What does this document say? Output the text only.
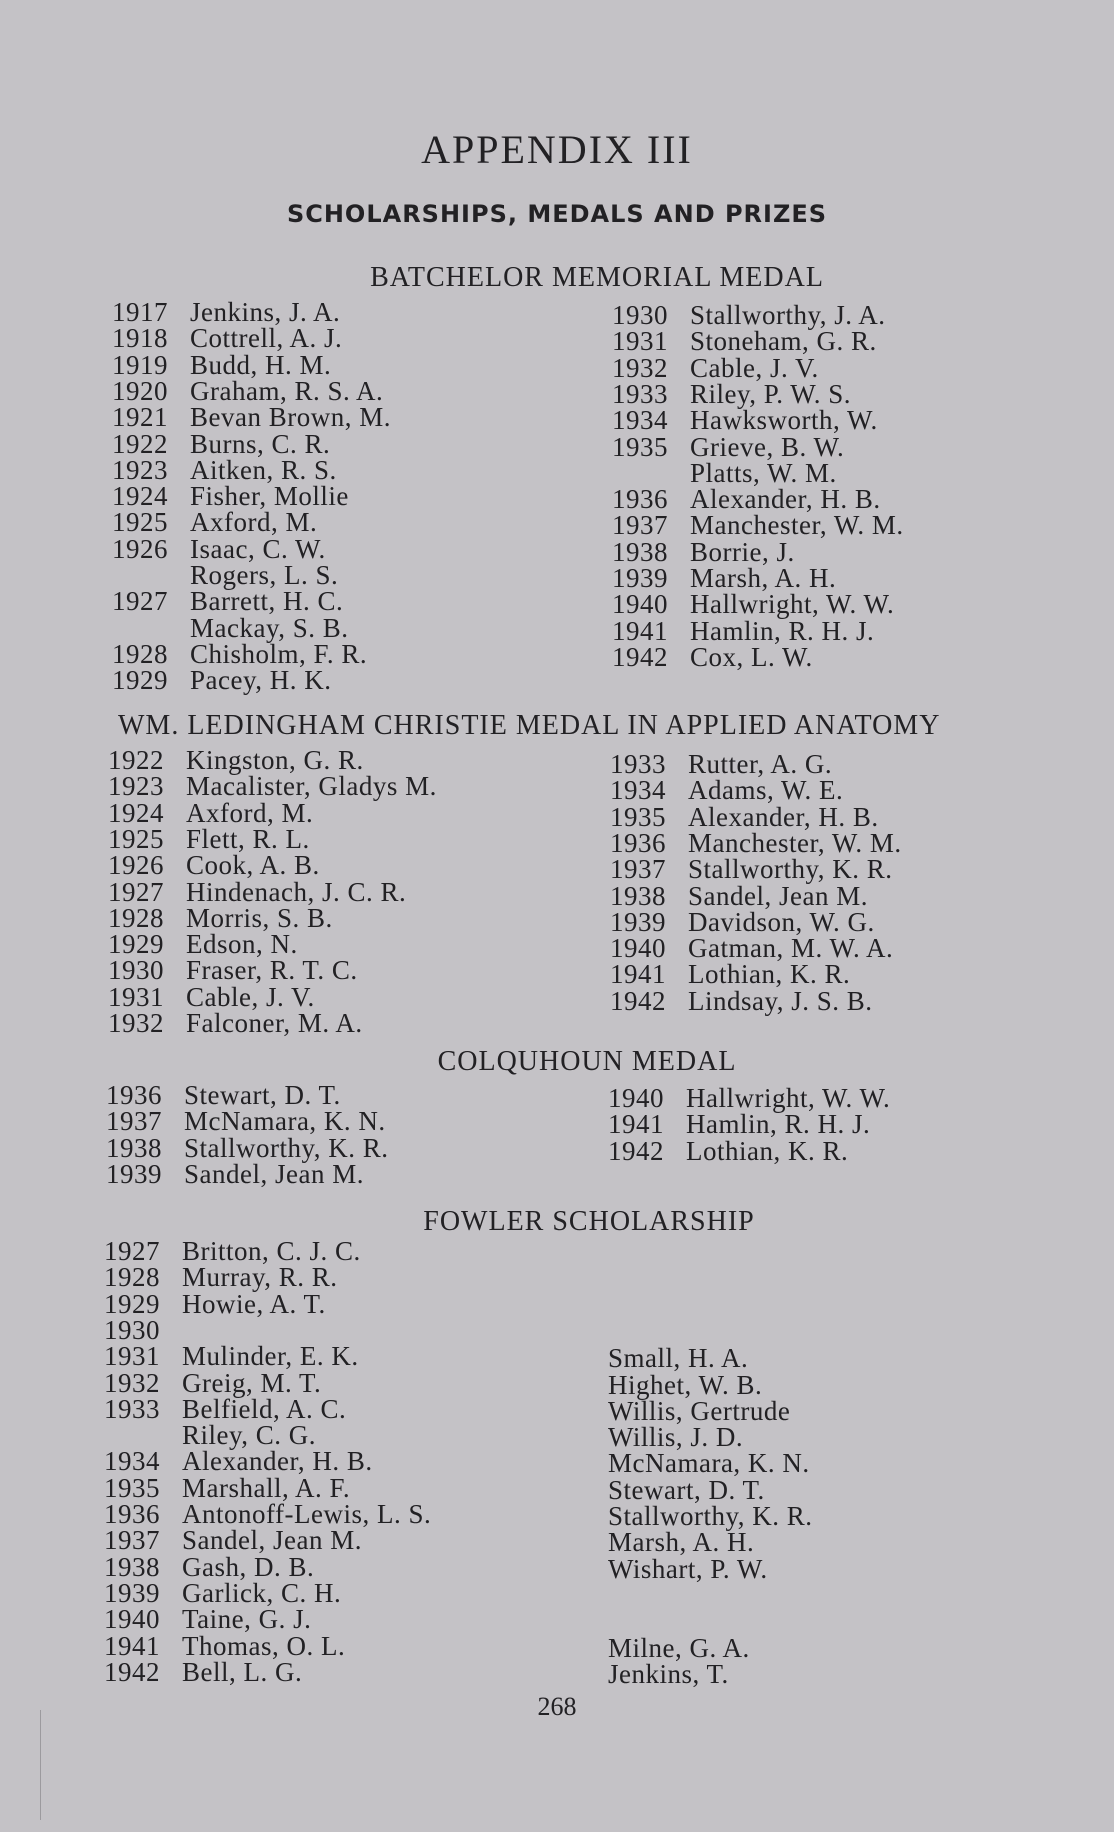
APPENDIX III
SCHOLARSHIPS, MEDALS AND PRIZES
BATCHELOR MEMORIAL MEDAL
WM. LEDINGHAM CHRISTIE MEDAL IN APPLIED ANATOMY
COLQUHOUN MEDAL
FOWLER SCHOLARSHIP
1917 Jenkins, J. A.
1918 Cottrell, A. J.
1919 Budd, H. M.
1920 Graham, R. S. A.
1921 Bevan Brown, M.
1922 Burns, C. R.
1923 Aitken, R. S.
1924 Fisher, Mollie
1925 Axford, M.
1926 Isaac, C. W.
Rogers, L. S.
1927 Barrett, H. C.
Mackay, S. B.
1928 Chisholm, F. R.
1929 Pacey, H. K.
1930 Stallworthy, J. A.
1931 Stoneham, G. R.
1932 Cable, J. V.
1933 Riley, P. W. S.
1934 Hawksworth, W.
1935 Grieve, B. W.
Platts, W. M.
1936 Alexander, H. B.
1937 Manchester, W. M.
1938 Borrie, J.
1939 Marsh, A. H.
1940 Hallwright, W. W.
1941 Hamlin, R. H. J.
1942 Cox, L. W.
1922 Kingston, G. R.
1923 Macalister, Gladys M.
1924 Axford, M.
1925 Flett, R. L.
1926 Cook, A. B.
1927 Hindenach, J. C. R.
1928 Morris, S. B.
1929 Edson, N.
1930 Fraser, R. T. C.
1931 Cable, J. V.
1932 Falconer, M. A.
1933 Rutter, A. G.
1934 Adams, W. E.
1935 Alexander, H. B.
1936 Manchester, W. M.
1937 Stallworthy, K. R.
1938 Sandel, Jean M.
1939 Davidson, W. G.
1940 Gatman, M. W. A.
1941 Lothian, K. R.
1942 Lindsay, J. S. B.
1936 Stewart, D. T.
1937 McNamara, K. N.
1938 Stallworthy, K. R.
1939 Sandel, Jean M.
1940 Hallwright, W. W.
1941 Hamlin, R. H. J.
1942 Lothian, K. R.
1927 Britton, C. J. C.
1928 Murray, R. R.
1929 Howie, A. T.
1930
1931 Mulinder, E. K.
1932 Greig, M. T.
1933 Belfield, A. C.
Riley, C. G.
1934 Alexander, H. B.
1935 Marshall, A. F.
1936 Antonoff-Lewis, L. S.
1937 Sandel, Jean M.
1938 Gash, D. B.
1939 Garlick, C. H.
1940 Taine, G. J.
1941 Thomas, O. L.
1942 Bell, L. G.
Small, H. A.
Highet, W. B.
Willis, Gertrude
Willis, J. D.
McNamara, K. N.
Stewart, D. T.
Stallworthy, K. R.
Marsh, A. H.
Wishart, P. W.
Milne, G. A.
Jenkins, T.
268
